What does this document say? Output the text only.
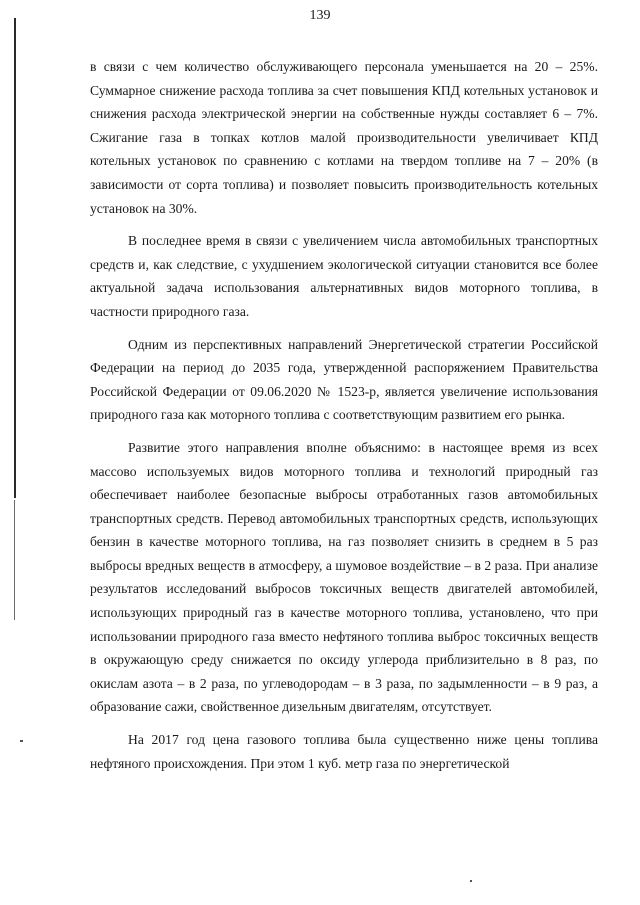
139

в связи с чем количество обслуживающего персонала уменьшается на 20 – 25%. Суммарное снижение расхода топлива за счет повышения КПД котельных установок и снижения расхода электрической энергии на собственные нужды составляет 6 – 7%. Сжигание газа в топках котлов малой производительности увеличивает КПД котельных установок по сравнению с котлами на твердом топливе на 7 – 20% (в зависимости от сорта топлива) и позволяет повысить производительность котельных установок на 30%.

В последнее время в связи с увеличением числа автомобильных транспортных средств и, как следствие, с ухудшением экологической ситуации становится все более актуальной задача использования альтернативных видов моторного топлива, в частности природного газа.

Одним из перспективных направлений Энергетической стратегии Российской Федерации на период до 2035 года, утвержденной распоряжением Правительства Российской Федерации от 09.06.2020 № 1523-р, является увеличение использования природного газа как моторного топлива с соответствующим развитием его рынка.

Развитие этого направления вполне объяснимо: в настоящее время из всех массово используемых видов моторного топлива и технологий природный газ обеспечивает наиболее безопасные выбросы отработанных газов автомобильных транспортных средств. Перевод автомобильных транспортных средств, использующих бензин в качестве моторного топлива, на газ позволяет снизить в среднем в 5 раз выбросы вредных веществ в атмосферу, а шумовое воздействие – в 2 раза. При анализе результатов исследований выбросов токсичных веществ двигателей автомобилей, использующих природный газ в качестве моторного топлива, установлено, что при использовании природного газа вместо нефтяного топлива выброс токсичных веществ в окружающую среду снижается по оксиду углерода приблизительно в 8 раз, по окислам азота – в 2 раза, по углеводородам – в 3 раза, по задымленности – в 9 раз, а образование сажи, свойственное дизельным двигателям, отсутствует.

На 2017 год цена газового топлива была существенно ниже цены топлива нефтяного происхождения. При этом 1 куб. метр газа по энергетической
